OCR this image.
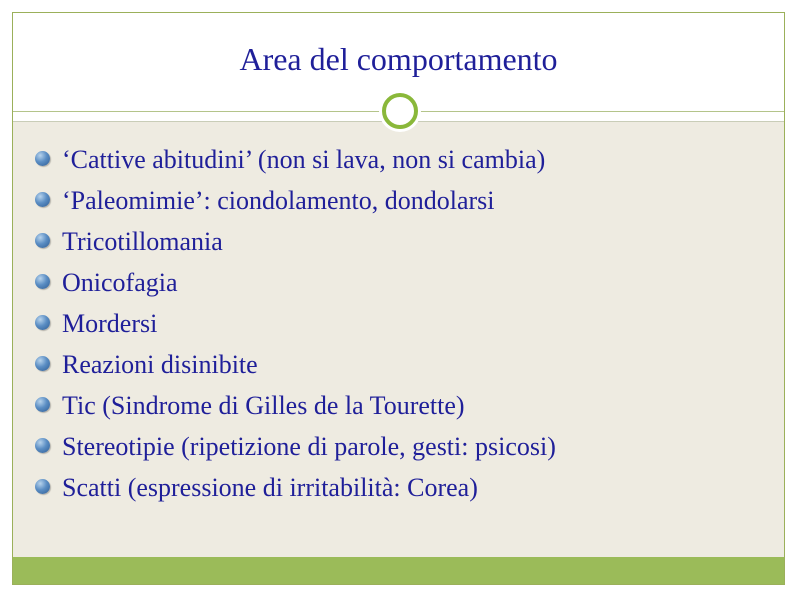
Area del comportamento
‘Cattive abitudini’ (non si lava, non si cambia)
‘Paleomimie’: ciondolamento, dondolarsi
Tricotillomania
Onicofagia
Mordersi
Reazioni disinibite
Tic (Sindrome di Gilles de la Tourette)
Stereotipie (ripetizione di parole, gesti: psicosi)
Scatti (espressione di irritabilità: Corea)
